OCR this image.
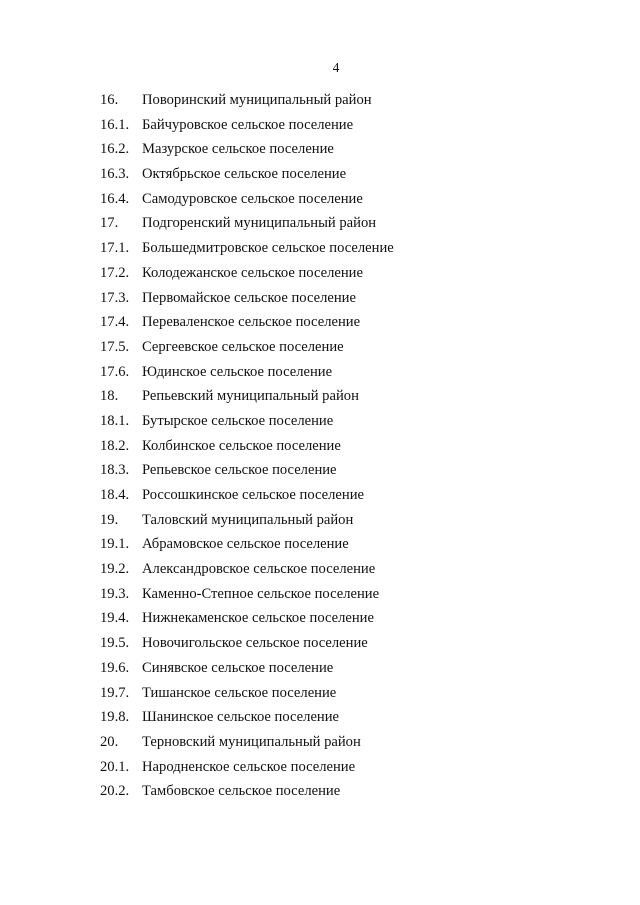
4
16.	Поворинский муниципальный район
16.1. Байчуровское сельское поселение
16.2. Мазурское сельское поселение
16.3. Октябрьское сельское поселение
16.4. Самодуровское сельское поселение
17.	Подгоренский муниципальный район
17.1. Большедмитровское сельское поселение
17.2. Колодежанское сельское поселение
17.3. Первомайское сельское поселение
17.4. Переваленское сельское поселение
17.5. Сергеевское сельское поселение
17.6. Юдинское сельское поселение
18.	Репьевский муниципальный район
18.1. Бутырское сельское поселение
18.2. Колбинское сельское поселение
18.3. Репьевское сельское поселение
18.4. Россошкинское сельское поселение
19.	Таловский муниципальный район
19.1. Абрамовское сельское поселение
19.2. Александровское сельское поселение
19.3. Каменно-Степное сельское поселение
19.4. Нижнекаменское сельское поселение
19.5. Новочигольское сельское поселение
19.6. Синявское сельское поселение
19.7. Тишанское сельское поселение
19.8. Шанинское сельское поселение
20.	Терновский муниципальный район
20.1. Народненское сельское поселение
20.2. Тамбовское сельское поселение
